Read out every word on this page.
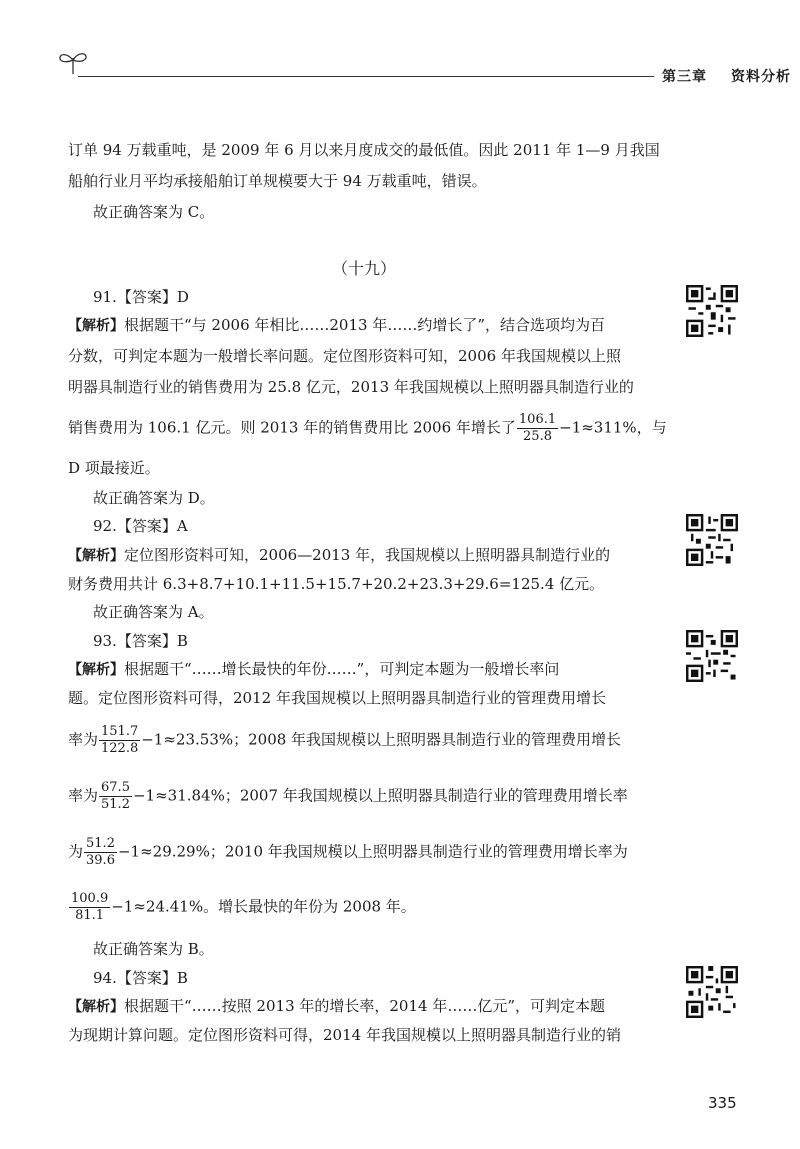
第三章 资料分析
订单 94 万载重吨，是 2009 年 6 月以来月度成交的最低值。因此 2011 年 1—9 月我国
船舶行业月平均承接船舶订单规模要大于 94 万载重吨，错误。
故正确答案为 C。
（十九）
91.【答案】D
【解析】根据题干“与 2006 年相比……2013 年……约增长了”，结合选项均为百
分数，可判定本题为一般增长率问题。定位图形资料可知，2006 年我国规模以上照
明器具制造行业的销售费用为 25.8 亿元，2013 年我国规模以上照明器具制造行业的
销售费用为 106.1 亿元。则 2013 年的销售费用比 2006 年增长了 $\frac{106.1}{25.8} -1\approx 311\%$，与
D 项最接近。
故正确答案为 D。
92.【答案】A
【解析】定位图形资料可知，2006—2013 年，我国规模以上照明器具制造行业的
财务费用共计 6.3+8.7+10.1+11.5+15.7+20.2+23.3+29.6=125.4 亿元。
故正确答案为 A。
93.【答案】B
【解析】根据题干“……增长最快的年份……”，可判定本题为一般增长率问
题。定位图形资料可得，2012 年我国规模以上照明器具制造行业的管理费用增长
率为 $\frac{151.7}{122.8} -1\approx 23.53\%$；2008 年我国规模以上照明器具制造行业的管理费用增长
率为 $\frac{67.5}{51.2} -1\approx 31.84\%$；2007 年我国规模以上照明器具制造行业的管理费用增长率
为 $\frac{51.2}{39.6} -1\approx 29.29\%$；2010 年我国规模以上照明器具制造行业的管理费用增长率为
$\frac{100.9}{81.1} -1\approx 24.41\%$。增长最快的年份为 2008 年。
故正确答案为 B。
94.【答案】B
【解析】根据题干“……按照 2013 年的增长率，2014 年……亿元”，可判定本题
为现期计算问题。定位图形资料可得，2014 年我国规模以上照明器具制造行业的销
335
